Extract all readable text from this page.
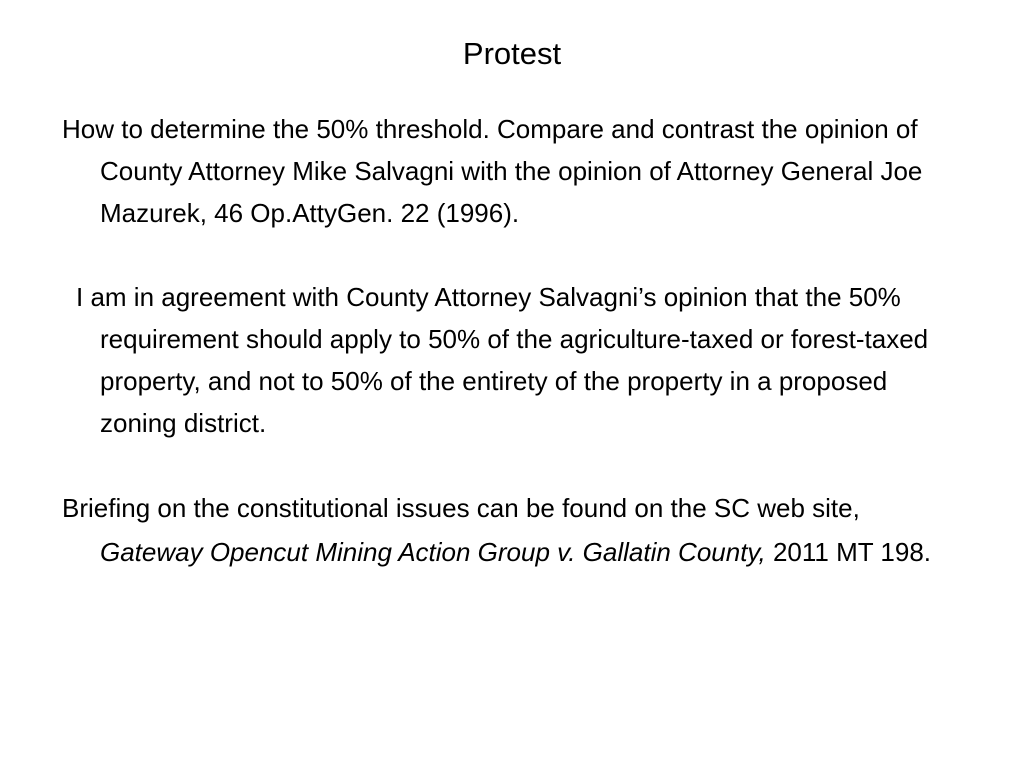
Protest

How to determine the 50% threshold. Compare and contrast the opinion of County Attorney Mike Salvagni with the opinion of Attorney General Joe Mazurek, 46 Op.AttyGen. 22 (1996).

I am in agreement with County Attorney Salvagni’s opinion that the 50% requirement should apply to 50% of the agriculture-taxed or forest-taxed property, and not to 50% of the entirety of the property in a proposed zoning district.

Briefing on the constitutional issues can be found on the SC web site, Gateway Opencut Mining Action Group v. Gallatin County, 2011 MT 198.
